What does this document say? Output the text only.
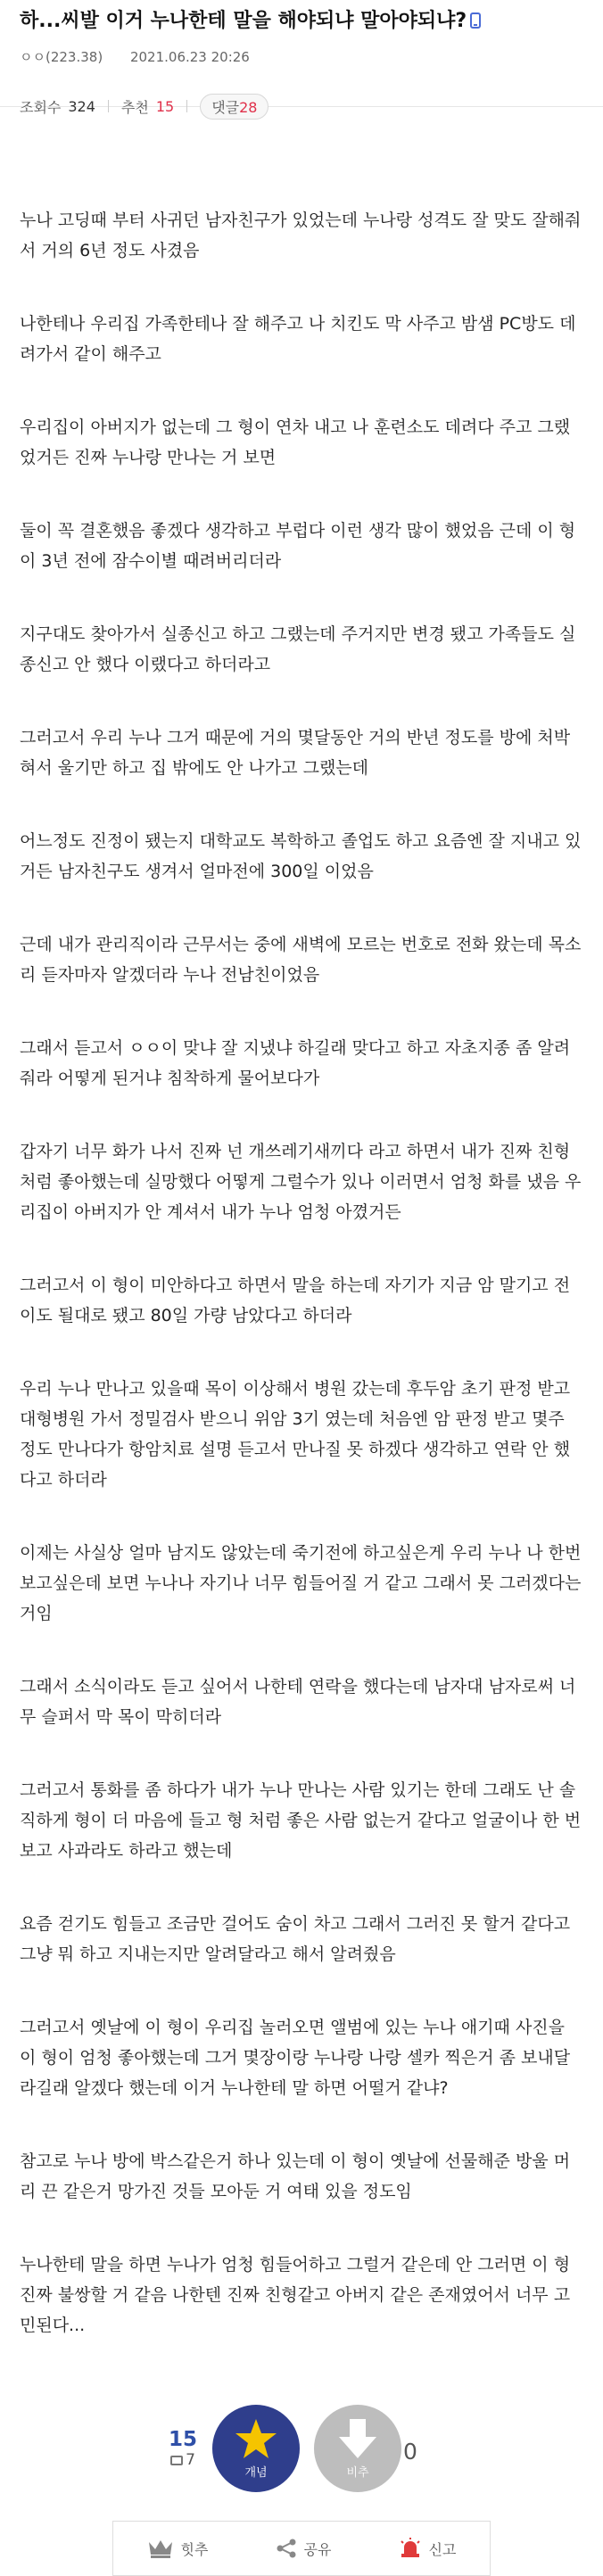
하...씨발 이거 누나한테 말을 해야되냐 말아야되냐?
ㅇㅇ(223.38) 2021.06.23 20:26
조회수 324 추천 15	댓글28

누나 고딩때 부터 사귀던 남자친구가 있었는데 누나랑 성격도 잘 맞도 잘해줘서 거의 6년 정도 사겼음

나한테나 우리집 가족한테나 잘 해주고 나 치킨도 막 사주고 밤샘 PC방도 데려가서 같이 해주고

우리집이 아버지가 없는데 그 형이 연차 내고 나 훈련소도 데려다 주고 그랬었거든 진짜 누나랑 만나는 거 보면

둘이 꼭 결혼했음 좋겠다 생각하고 부럽다 이런 생각 많이 했었음 근데 이 형이 3년 전에 잠수이별 때려버리더라

지구대도 찾아가서 실종신고 하고 그랬는데 주거지만 변경 됐고 가족들도 실종신고 안 했다 이랬다고 하더라고

그러고서 우리 누나 그거 때문에 거의 몇달동안 거의 반년 정도를 방에 처박혀서 울기만 하고 집 밖에도 안 나가고 그랬는데

어느정도 진정이 됐는지 대학교도 복학하고 졸업도 하고 요즘엔 잘 지내고 있거든 남자친구도 생겨서 얼마전에 300일 이었음

근데 내가 관리직이라 근무서는 중에 새벽에 모르는 번호로 전화 왔는데 목소리 듣자마자 알겠더라 누나 전남친이었음

그래서 듣고서 ㅇㅇ이 맞냐 잘 지냈냐 하길래 맞다고 하고 자초지종 좀 알려줘라 어떻게 된거냐 침착하게 물어보다가

갑자기 너무 화가 나서 진짜 넌 개쓰레기새끼다 라고 하면서 내가 진짜 친형 처럼 좋아했는데 실망했다 어떻게 그럴수가 있나 이러면서 엄청 화를 냈음 우리집이 아버지가 안 계셔서 내가 누나 엄청 아꼈거든

그러고서 이 형이 미안하다고 하면서 말을 하는데 자기가 지금 암 말기고 전이도 될대로 됐고 80일 가량 남았다고 하더라

우리 누나 만나고 있을때 목이 이상해서 병원 갔는데 후두암 초기 판정 받고 대형병원 가서 정밀검사 받으니 위암 3기 였는데 처음엔 암 판정 받고 몇주 정도 만나다가 항암치료 설명 듣고서 만나질 못 하겠다 생각하고 연락 안 했다고 하더라

이제는 사실상 얼마 남지도 않았는데 죽기전에 하고싶은게 우리 누나 나 한번 보고싶은데 보면 누나나 자기나 너무 힘들어질 거 같고 그래서 못 그러겠다는 거임

그래서 소식이라도 듣고 싶어서 나한테 연락을 했다는데 남자대 남자로써 너무 슬퍼서 막 목이 막히더라

그러고서 통화를 좀 하다가 내가 누나 만나는 사람 있기는 한데 그래도 난 솔직하게 형이 더 마음에 들고 형 처럼 좋은 사람 없는거 같다고 얼굴이나 한 번 보고 사과라도 하라고 했는데

요즘 걷기도 힘들고 조금만 걸어도 숨이 차고 그래서 그러진 못 할거 같다고 그냥 뭐 하고 지내는지만 알려달라고 해서 알려줬음

그러고서 옛날에 이 형이 우리집 놀러오면 앨범에 있는 누나 애기때 사진을 이 형이 엄청 좋아했는데 그거 몇장이랑 누나랑 나랑 셀카 찍은거 좀 보내달라길래 알겠다 했는데 이거 누나한테 말 하면 어떨거 같냐?

참고로 누나 방에 박스같은거 하나 있는데 이 형이 옛날에 선물해준 방울 머리 끈 같은거 망가진 것들 모아둔 거 여태 있을 정도임

누나한테 말을 하면 누나가 엄청 힘들어하고 그럴거 같은데 안 그러면 이 형 진짜 불쌍할 거 같음 나한텐 진짜 친형같고 아버지 같은 존재였어서 너무 고민된다...

15
7
개념	비추
0
힛추	공유	신고
